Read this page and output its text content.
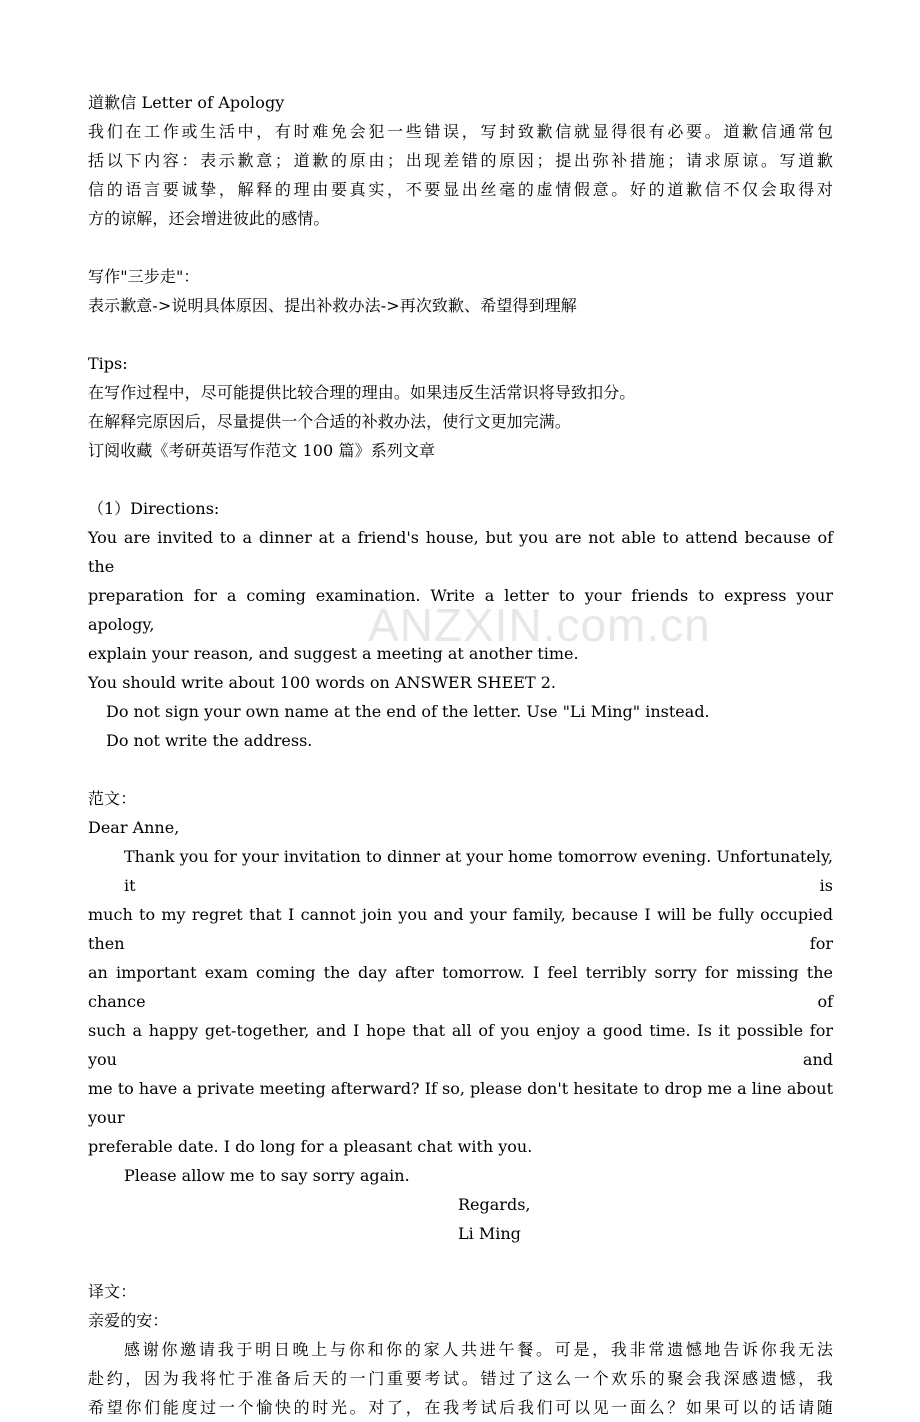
ANZXIN.com.cn

道歉信 Letter of Apology

我们在工作或生活中，有时难免会犯一些错误，写封致歉信就显得很有必要。道歉信通常包

括以下内容：表示歉意；道歉的原由；出现差错的原因；提出弥补措施；请求原谅。写道歉

信的语言要诚挚，解释的理由要真实，不要显出丝毫的虚情假意。好的道歉信不仅会取得对

方的谅解，还会增进彼此的感情。

写作"三步走"：

表示歉意->说明具体原因、提出补救办法->再次致歉、希望得到理解

Tips:

在写作过程中，尽可能提供比较合理的理由。如果违反生活常识将导致扣分。

在解释完原因后，尽量提供一个合适的补救办法，使行文更加完满。

订阅收藏《考研英语写作范文 100 篇》系列文章

（1）Directions:

You are invited to a dinner at a friend's house, but you are not able to attend because of the

preparation for a coming examination. Write a letter to your friends to express your apology,

explain your reason, and suggest a meeting at another time.

You should write about 100 words on ANSWER SHEET 2.

Do not sign your own name at the end of the letter. Use "Li Ming" instead.

Do not write the address.

范文：

Dear Anne,

Thank you for your invitation to dinner at your home tomorrow evening. Unfortunately, it is

much to my regret that I cannot join you and your family, because I will be fully occupied then for

an important exam coming the day after tomorrow. I feel terribly sorry for missing the chance of

such a happy get-together, and I hope that all of you enjoy a good time. Is it possible for you and

me to have a private meeting afterward? If so, please don't hesitate to drop me a line about your

preferable date. I do long for a pleasant chat with you.

Please allow me to say sorry again.

Regards,

Li Ming

译文：

亲爱的安：

感谢你邀请我于明日晚上与你和你的家人共进午餐。可是，我非常遗憾地告诉你我无法

赴约，因为我将忙于准备后天的一门重要考试。错过了这么一个欢乐的聚会我深感遗憾，我

希望你们能度过一个愉快的时光。对了，在我考试后我们可以见一面么？如果可以的话请随
